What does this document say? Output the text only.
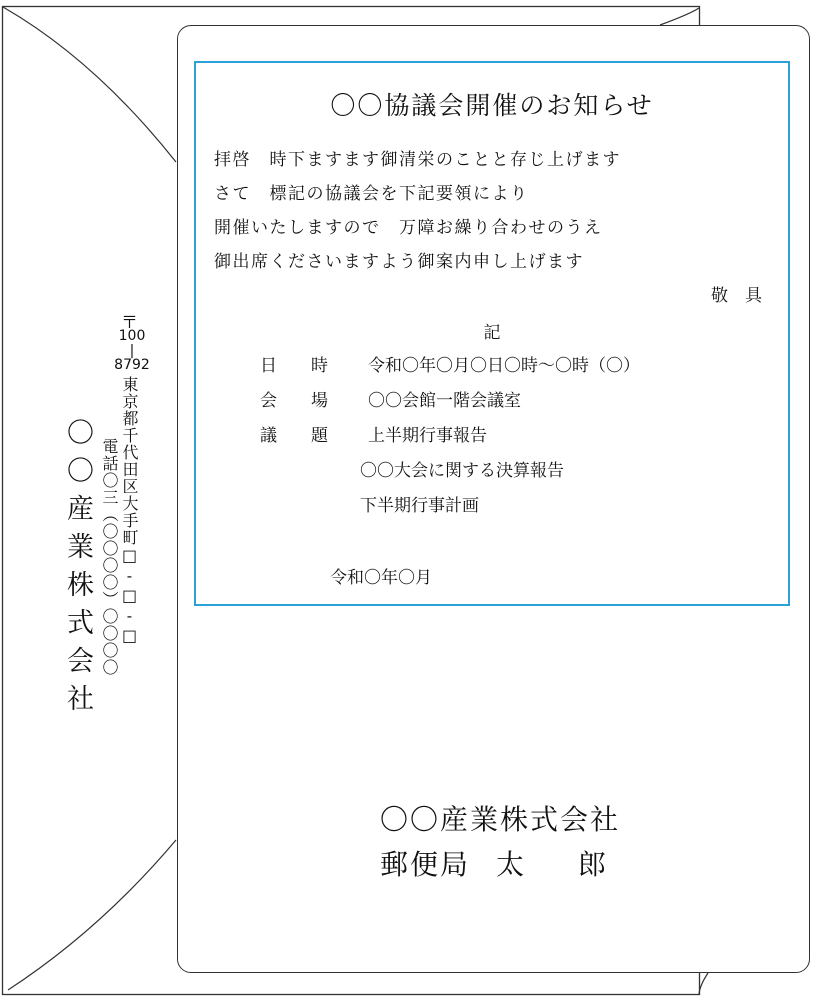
〒
100
|
8792
東京都千代田区大手町□-□-□
電話〇三（〇〇〇〇）〇〇〇〇
〇〇産業株式会社
〇〇協議会開催のお知らせ
拝啓　時下ますます御清栄のことと存じ上げます
さて　標記の協議会を下記要領により
開催いたしますので　万障お繰り合わせのうえ
御出席くださいますよう御案内申し上げます
敬　具
記
日　　時 令和〇年〇月〇日〇時～〇時（〇）
会　　場 〇〇会館一階会議室
議　　題 上半期行事報告
〇〇大会に関する決算報告
下半期行事計画
令和〇年〇月
〇〇産業株式会社
郵便局 太 郎
